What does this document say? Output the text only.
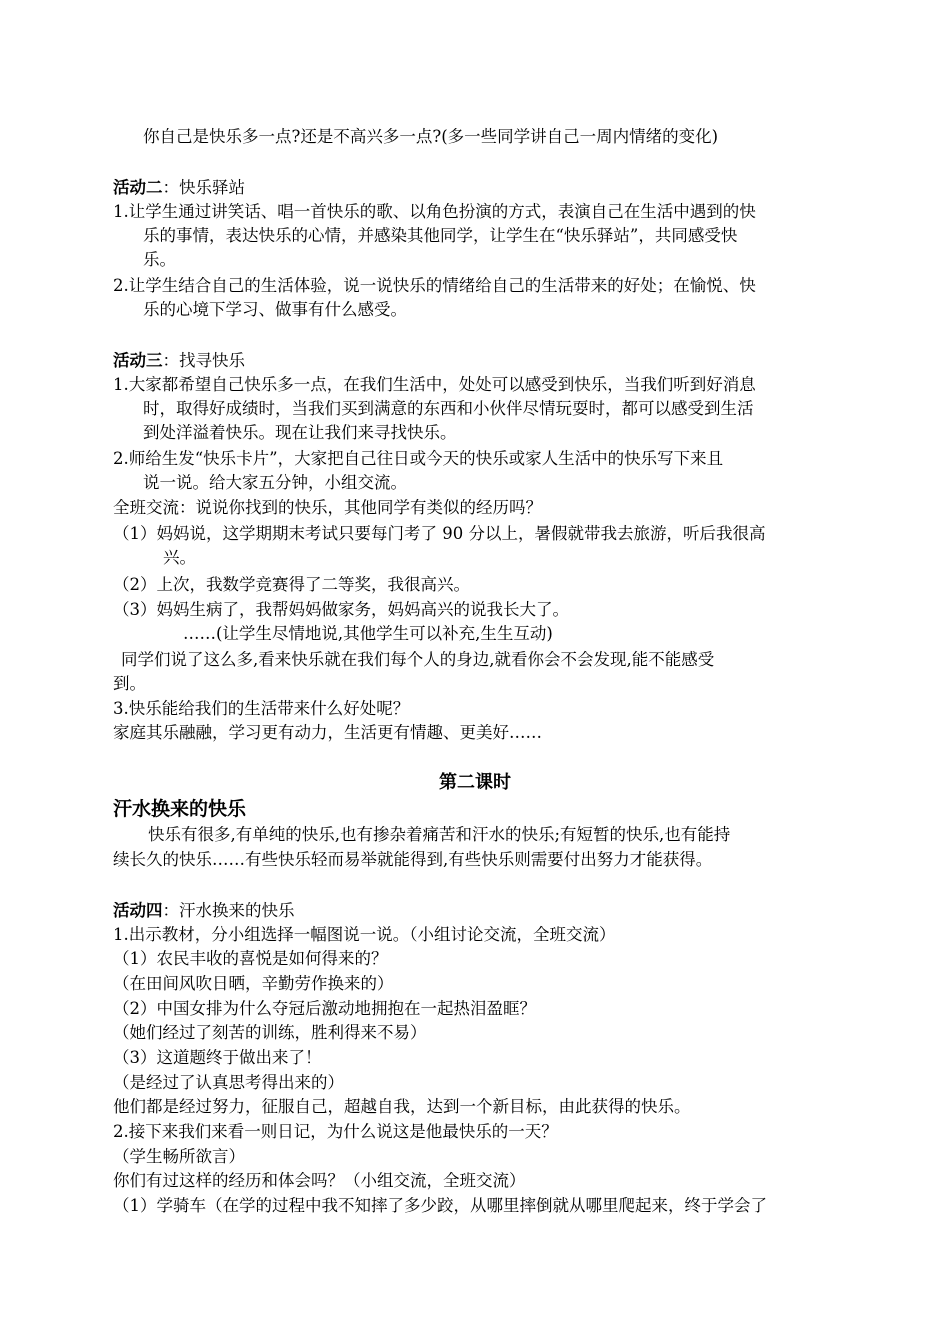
你自己是快乐多一点?还是不高兴多一点?(多一些同学讲自己一周内情绪的变化)
活动二：快乐驿站
1.让学生通过讲笑话、唱一首快乐的歌、以角色扮演的方式，表演自己在生活中遇到的快
乐的事情，表达快乐的心情，并感染其他同学，让学生在“快乐驿站”，共同感受快
乐。
2.让学生结合自己的生活体验，说一说快乐的情绪给自己的生活带来的好处；在愉悦、快
乐的心境下学习、做事有什么感受。
活动三：找寻快乐
1.大家都希望自己快乐多一点，在我们生活中，处处可以感受到快乐，当我们听到好消息
时，取得好成绩时，当我们买到满意的东西和小伙伴尽情玩耍时，都可以感受到生活
到处洋溢着快乐。现在让我们来寻找快乐。
2.师给生发“快乐卡片”，大家把自己往日或今天的快乐或家人生活中的快乐写下来且
说一说。给大家五分钟，小组交流。
全班交流：说说你找到的快乐，其他同学有类似的经历吗？
（1）妈妈说，这学期期末考试只要每门考了 90 分以上，暑假就带我去旅游，听后我很高
兴。
（2）上次，我数学竞赛得了二等奖，我很高兴。
（3）妈妈生病了，我帮妈妈做家务，妈妈高兴的说我长大了。
……(让学生尽情地说,其他学生可以补充,生生互动)
同学们说了这么多,看来快乐就在我们每个人的身边,就看你会不会发现,能不能感受
到。
3.快乐能给我们的生活带来什么好处呢？
家庭其乐融融，学习更有动力，生活更有情趣、更美好……
第二课时
汗水换来的快乐
快乐有很多,有单纯的快乐,也有掺杂着痛苦和汗水的快乐;有短暂的快乐,也有能持
续长久的快乐……有些快乐轻而易举就能得到,有些快乐则需要付出努力才能获得。
活动四：汗水换来的快乐
1.出示教材，分小组选择一幅图说一说。（小组讨论交流，全班交流）
（1）农民丰收的喜悦是如何得来的？
（在田间风吹日晒，辛勤劳作换来的）
（2）中国女排为什么夺冠后激动地拥抱在一起热泪盈眶？
（她们经过了刻苦的训练，胜利得来不易）
（3）这道题终于做出来了！
（是经过了认真思考得出来的）
他们都是经过努力，征服自己，超越自我，达到一个新目标，由此获得的快乐。
2.接下来我们来看一则日记，为什么说这是他最快乐的一天？
（学生畅所欲言）
你们有过这样的经历和体会吗？（小组交流，全班交流）
（1）学骑车（在学的过程中我不知摔了多少跤，从哪里摔倒就从哪里爬起来，终于学会了
